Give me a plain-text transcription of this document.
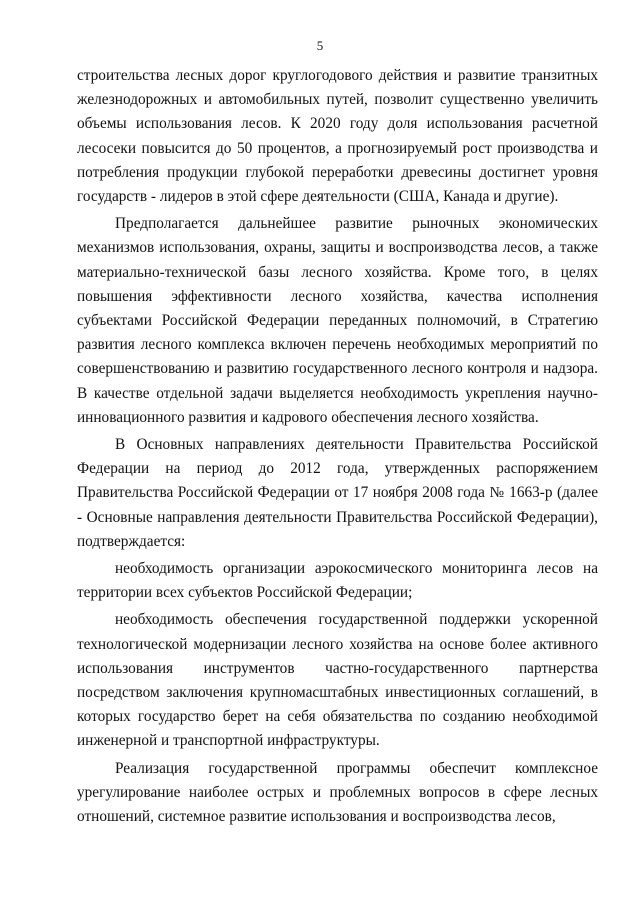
5

строительства лесных дорог круглогодового действия и развитие транзитных железнодорожных и автомобильных путей, позволит существенно увеличить объемы использования лесов. К 2020 году доля использования расчетной лесосеки повысится до 50 процентов, а прогнозируемый рост производства и потребления продукции глубокой переработки древесины достигнет уровня государств - лидеров в этой сфере деятельности (США, Канада и другие).

Предполагается дальнейшее развитие рыночных экономических механизмов использования, охраны, защиты и воспроизводства лесов, а также материально-технической базы лесного хозяйства. Кроме того, в целях повышения эффективности лесного хозяйства, качества исполнения субъектами Российской Федерации переданных полномочий, в Стратегию развития лесного комплекса включен перечень необходимых мероприятий по совершенствованию и развитию государственного лесного контроля и надзора. В качестве отдельной задачи выделяется необходимость укрепления научно-инновационного развития и кадрового обеспечения лесного хозяйства.

В Основных направлениях деятельности Правительства Российской Федерации на период до 2012 года, утвержденных распоряжением Правительства Российской Федерации от 17 ноября 2008 года № 1663-р (далее - Основные направления деятельности Правительства Российской Федерации), подтверждается:

необходимость организации аэрокосмического мониторинга лесов на территории всех субъектов Российской Федерации;

необходимость обеспечения государственной поддержки ускоренной технологической модернизации лесного хозяйства на основе более активного использования инструментов частно-государственного партнерства посредством заключения крупномасштабных инвестиционных соглашений, в которых государство берет на себя обязательства по созданию необходимой инженерной и транспортной инфраструктуры.

Реализация государственной программы обеспечит комплексное урегулирование наиболее острых и проблемных вопросов в сфере лесных отношений, системное развитие использования и воспроизводства лесов,
